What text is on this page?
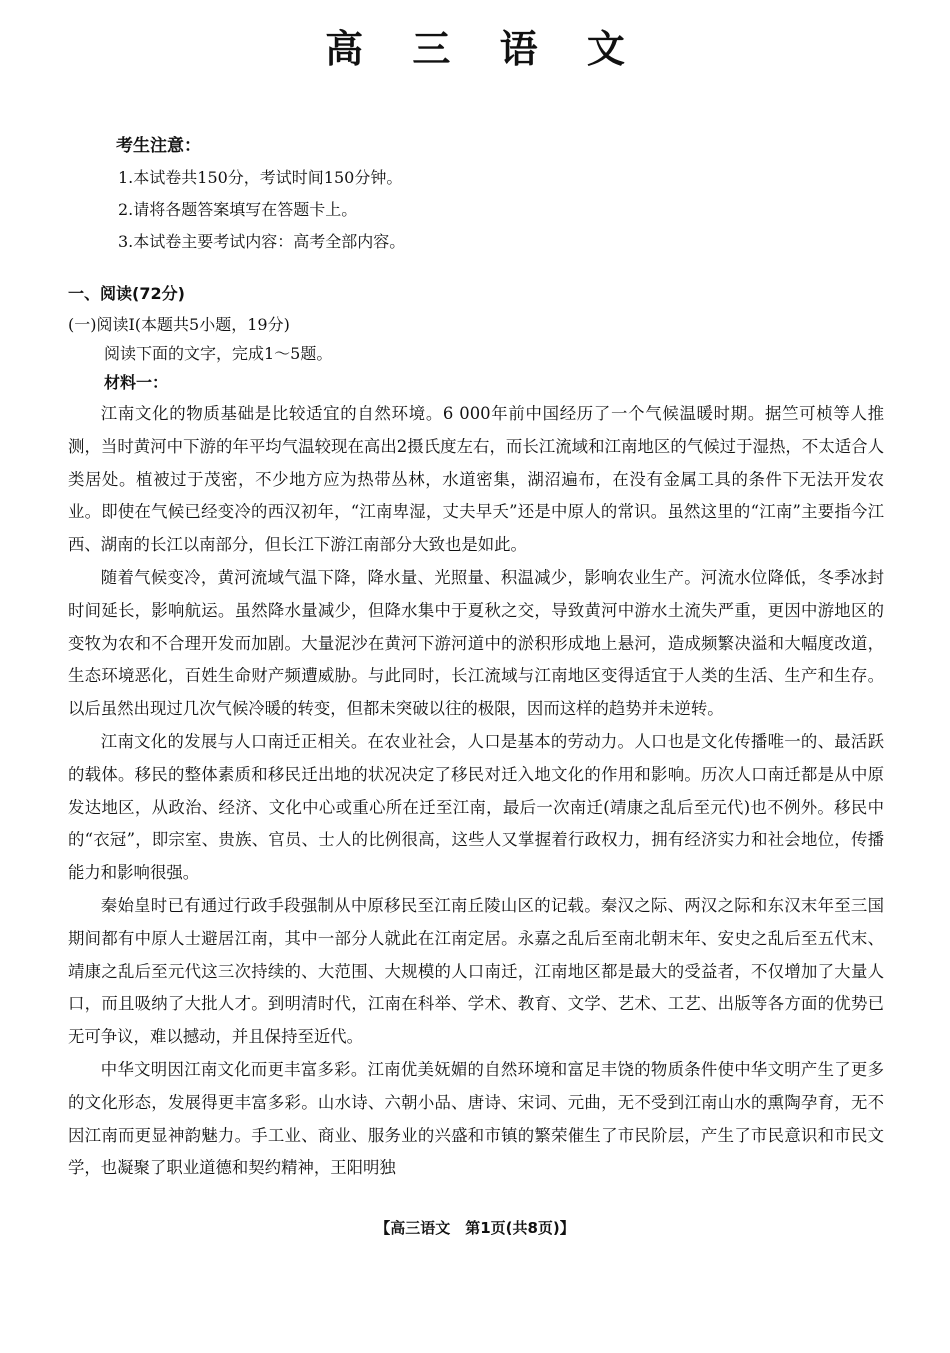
高 三 语 文
考生注意：
1.本试卷共150分，考试时间150分钟。
2.请将各题答案填写在答题卡上。
3.本试卷主要考试内容：高考全部内容。
一、阅读(72分)
(一)阅读Ⅰ(本题共5小题，19分)
阅读下面的文字，完成1～5题。
材料一：

江南文化的物质基础是比较适宜的自然环境。6 000年前中国经历了一个气候温暖时期。据竺可桢等人推测，当时黄河中下游的年平均气温较现在高出2摄氏度左右，而长江流域和江南地区的气候过于湿热，不太适合人类居处。植被过于茂密，不少地方应为热带丛林，水道密集，湖沼遍布，在没有金属工具的条件下无法开发农业。即使在气候已经变冷的西汉初年，“江南卑湿，丈夫早夭”还是中原人的常识。虽然这里的“江南”主要指今江西、湖南的长江以南部分，但长江下游江南部分大致也是如此。

随着气候变冷，黄河流域气温下降，降水量、光照量、积温减少，影响农业生产。河流水位降低，冬季冰封时间延长，影响航运。虽然降水量减少，但降水集中于夏秋之交，导致黄河中游水土流失严重，更因中游地区的变牧为农和不合理开发而加剧。大量泥沙在黄河下游河道中的淤积形成地上悬河，造成频繁决溢和大幅度改道，生态环境恶化，百姓生命财产频遭威胁。与此同时，长江流域与江南地区变得适宜于人类的生活、生产和生存。以后虽然出现过几次气候冷暖的转变，但都未突破以往的极限，因而这样的趋势并未逆转。

江南文化的发展与人口南迁正相关。在农业社会，人口是基本的劳动力。人口也是文化传播唯一的、最活跃的载体。移民的整体素质和移民迁出地的状况决定了移民对迁入地文化的作用和影响。历次人口南迁都是从中原发达地区，从政治、经济、文化中心或重心所在迁至江南，最后一次南迁(靖康之乱后至元代)也不例外。移民中的“衣冠”，即宗室、贵族、官员、士人的比例很高，这些人又掌握着行政权力，拥有经济实力和社会地位，传播能力和影响很强。

秦始皇时已有通过行政手段强制从中原移民至江南丘陵山区的记载。秦汉之际、两汉之际和东汉末年至三国期间都有中原人士避居江南，其中一部分人就此在江南定居。永嘉之乱后至南北朝末年、安史之乱后至五代末、靖康之乱后至元代这三次持续的、大范围、大规模的人口南迁，江南地区都是最大的受益者，不仅增加了大量人口，而且吸纳了大批人才。到明清时代，江南在科举、学术、教育、文学、艺术、工艺、出版等各方面的优势已无可争议，难以撼动，并且保持至近代。

中华文明因江南文化而更丰富多彩。江南优美妩媚的自然环境和富足丰饶的物质条件使中华文明产生了更多的文化形态，发展得更丰富多彩。山水诗、六朝小品、唐诗、宋词、元曲，无不受到江南山水的熏陶孕育，无不因江南而更显神韵魅力。手工业、商业、服务业的兴盛和市镇的繁荣催生了市民阶层，产生了市民意识和市民文学，也凝聚了职业道德和契约精神，王阳明独

【高三语文　第1页(共8页)】
